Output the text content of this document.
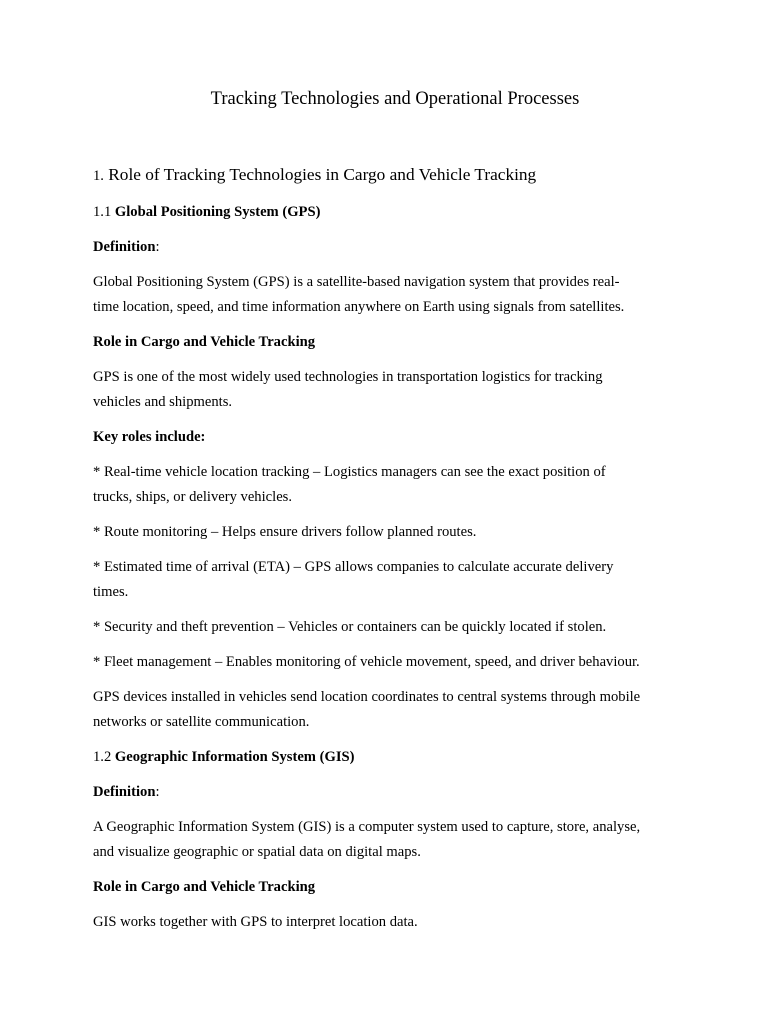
Tracking Technologies and Operational Processes
1. Role of Tracking Technologies in Cargo and Vehicle Tracking
1.1 Global Positioning System (GPS)
Definition:
Global Positioning System (GPS) is a satellite-based navigation system that provides real-
time location, speed, and time information anywhere on Earth using signals from satellites.
Role in Cargo and Vehicle Tracking
GPS is one of the most widely used technologies in transportation logistics for tracking
vehicles and shipments.
Key roles include:
* Real-time vehicle location tracking – Logistics managers can see the exact position of
trucks, ships, or delivery vehicles.
* Route monitoring – Helps ensure drivers follow planned routes.
* Estimated time of arrival (ETA) – GPS allows companies to calculate accurate delivery
times.
* Security and theft prevention – Vehicles or containers can be quickly located if stolen.
* Fleet management – Enables monitoring of vehicle movement, speed, and driver behaviour.
GPS devices installed in vehicles send location coordinates to central systems through mobile
networks or satellite communication.
1.2 Geographic Information System (GIS)
Definition:
A Geographic Information System (GIS) is a computer system used to capture, store, analyse,
and visualize geographic or spatial data on digital maps.
Role in Cargo and Vehicle Tracking
GIS works together with GPS to interpret location data.
